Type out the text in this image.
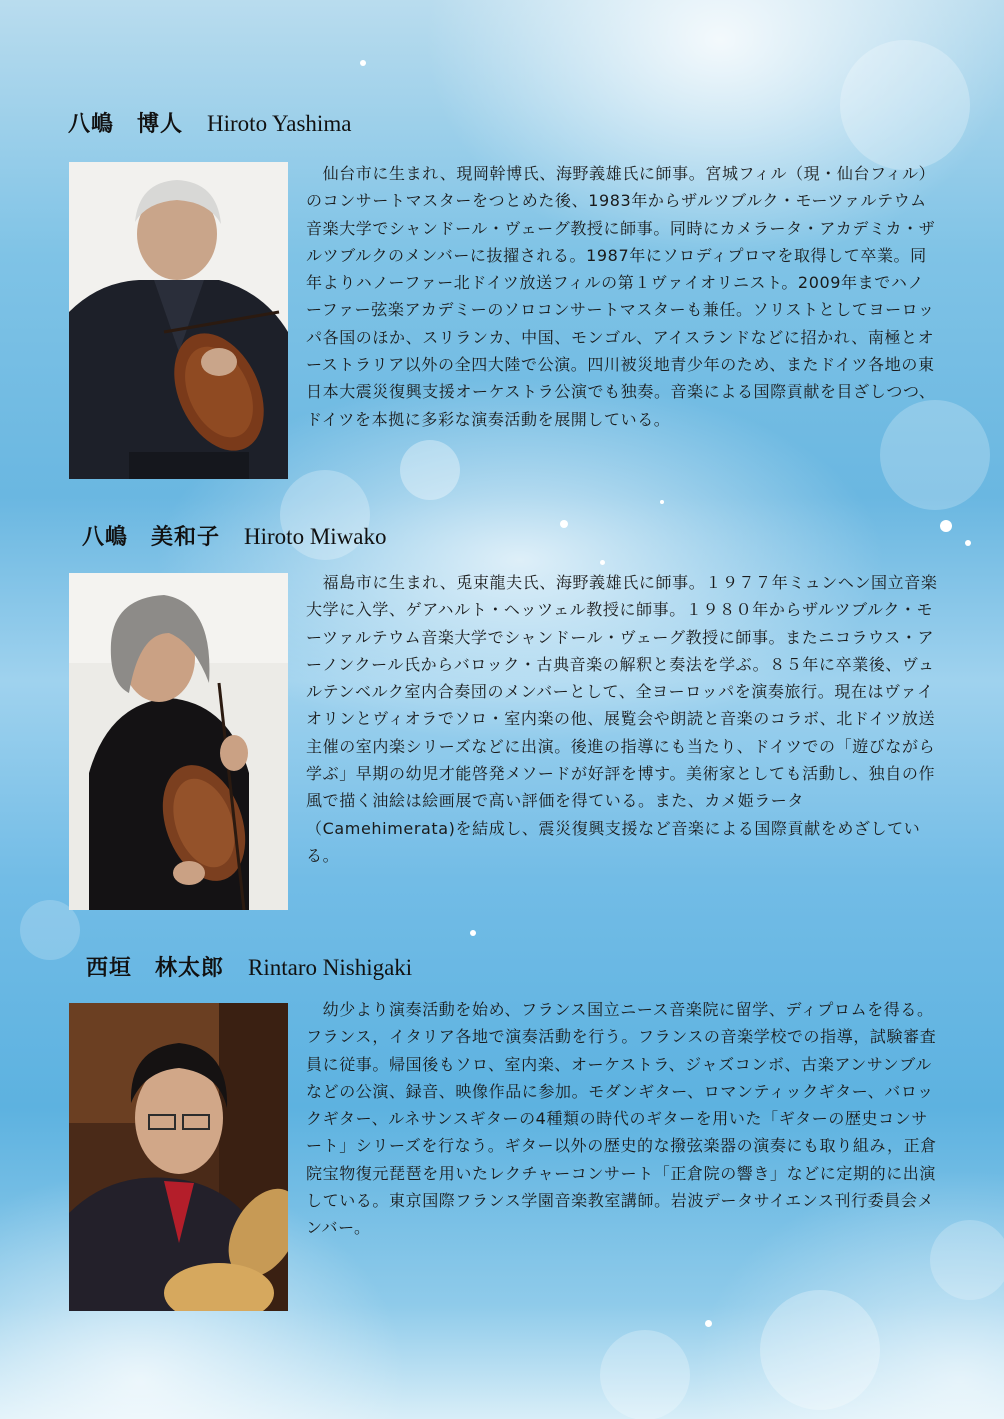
八嶋　博人 Hiroto Yashima

　仙台市に生まれ、現岡幹博氏、海野義雄氏に師事。宮城フィル（現・仙台フィル）のコンサートマスターをつとめた後、1983年からザルツブルク・モーツァルテウム音楽大学でシャンドール・ヴェーグ教授に師事。同時にカメラータ・アカデミカ・ザルツブルクのメンバーに抜擢される。1987年にソロディプロマを取得して卒業。同年よりハノーファー北ドイツ放送フィルの第１ヴァイオリニスト。2009年までハノーファー弦楽アカデミーのソロコンサートマスターも兼任。ソリストとしてヨーロッパ各国のほか、スリランカ、中国、モンゴル、アイスランドなどに招かれ、南極とオーストラリア以外の全四大陸で公演。四川被災地青少年のため、またドイツ各地の東日本大震災復興支援オーケストラ公演でも独奏。音楽による国際貢献を目ざしつつ、ドイツを本拠に多彩な演奏活動を展開している。

八嶋　美和子 Hiroto Miwako

　福島市に生まれ、兎束龍夫氏、海野義雄氏に師事。１９７７年ミュンヘン国立音楽大学に入学、ゲアハルト・ヘッツェル教授に師事。１９８０年からザルツブルク・モーツァルテウム音楽大学でシャンドール・ヴェーグ教授に師事。またニコラウス・アーノンクール氏からバロック・古典音楽の解釈と奏法を学ぶ。８５年に卒業後、ヴュルテンベルク室内合奏団のメンバーとして、全ヨーロッパを演奏旅行。現在はヴァイオリンとヴィオラでソロ・室内楽の他、展覧会や朗読と音楽のコラボ、北ドイツ放送主催の室内楽シリーズなどに出演。後進の指導にも当たり、ドイツでの「遊びながら学ぶ」早期の幼児才能啓発メソードが好評を博す。美術家としても活動し、独自の作風で描く油絵は絵画展で高い評価を得ている。また、カメ姫ラータ（Camehimerata)を結成し、震災復興支援など音楽による国際貢献をめざしている。

西垣　林太郎 Rintaro Nishigaki

　幼少より演奏活動を始め、フランス国立ニース音楽院に留学、ディプロムを得る。フランス，イタリア各地で演奏活動を行う。フランスの音楽学校での指導，試験審査員に従事。帰国後もソロ、室内楽、オーケストラ、ジャズコンボ、古楽アンサンブルなどの公演、録音、映像作品に参加。モダンギター、ロマンティックギター、バロックギター、ルネサンスギターの4種類の時代のギターを用いた「ギターの歴史コンサート」シリーズを行なう。ギター以外の歴史的な撥弦楽器の演奏にも取り組み，正倉院宝物復元琵琶を用いたレクチャーコンサート「正倉院の響き」などに定期的に出演している。東京国際フランス学園音楽教室講師。岩波データサイエンス刊行委員会メンバー。
